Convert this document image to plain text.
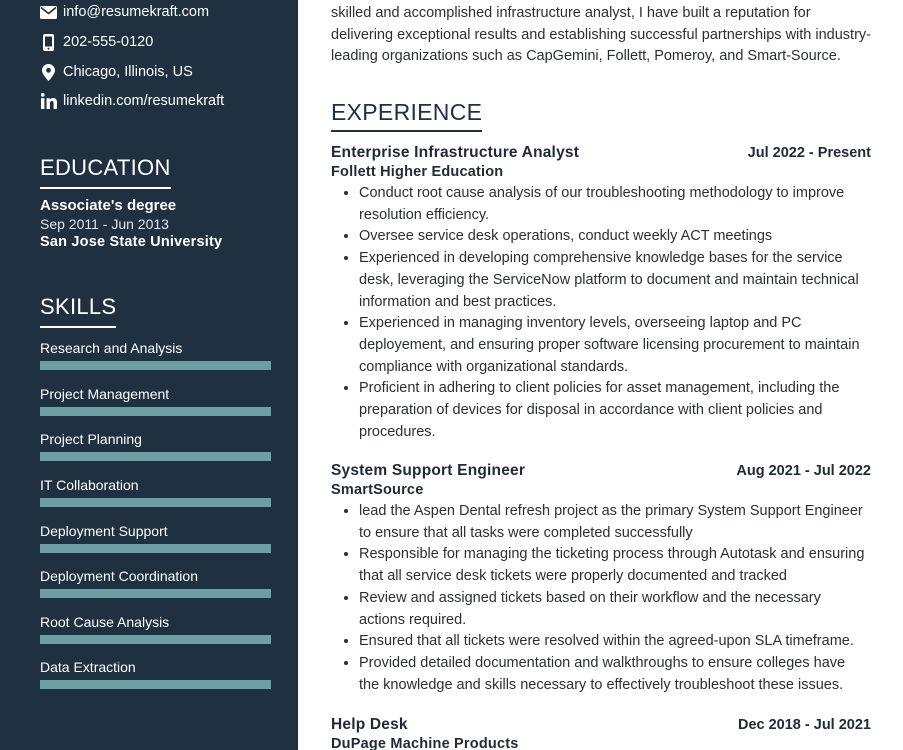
info@resumekraft.com
202-555-0120
Chicago, Illinois, US
linkedin.com/resumekraft
EDUCATION
Associate's degree
Sep 2011 - Jun 2013
San Jose State University
SKILLS
Research and Analysis
Project Management
Project Planning
IT Collaboration
Deployment Support
Deployment Coordination
Root Cause Analysis
Data Extraction
skilled and accomplished infrastructure analyst, I have built a reputation for delivering exceptional results and establishing successful partnerships with industry-leading organizations such as CapGemini, Follett, Pomeroy, and Smart-Source.
EXPERIENCE
Enterprise Infrastructure Analyst	Jul 2022 - Present
Follett Higher Education
• Conduct root cause analysis of our troubleshooting methodology to improve resolution efficiency.
• Oversee service desk operations, conduct weekly ACT meetings
• Experienced in developing comprehensive knowledge bases for the service desk, leveraging the ServiceNow platform to document and maintain technical information and best practices.
• Experienced in managing inventory levels, overseeing laptop and PC deployement, and ensuring proper software licensing procurement to maintain compliance with organizational standards.
• Proficient in adhering to client policies for asset management, including the preparation of devices for disposal in accordance with client policies and procedures.
System Support Engineer	Aug 2021 - Jul 2022
SmartSource
• lead the Aspen Dental refresh project as the primary System Support Engineer to ensure that all tasks were completed successfully
• Responsible for managing the ticketing process through Autotask and ensuring that all service desk tickets were properly documented and tracked
• Review and assigned tickets based on their workflow and the necessary actions required.
• Ensured that all tickets were resolved within the agreed-upon SLA timeframe.
• Provided detailed documentation and walkthroughs to ensure colleges have the knowledge and skills necessary to effectively troubleshoot these issues.
Help Desk	Dec 2018 - Jul 2021
DuPage Machine Products
